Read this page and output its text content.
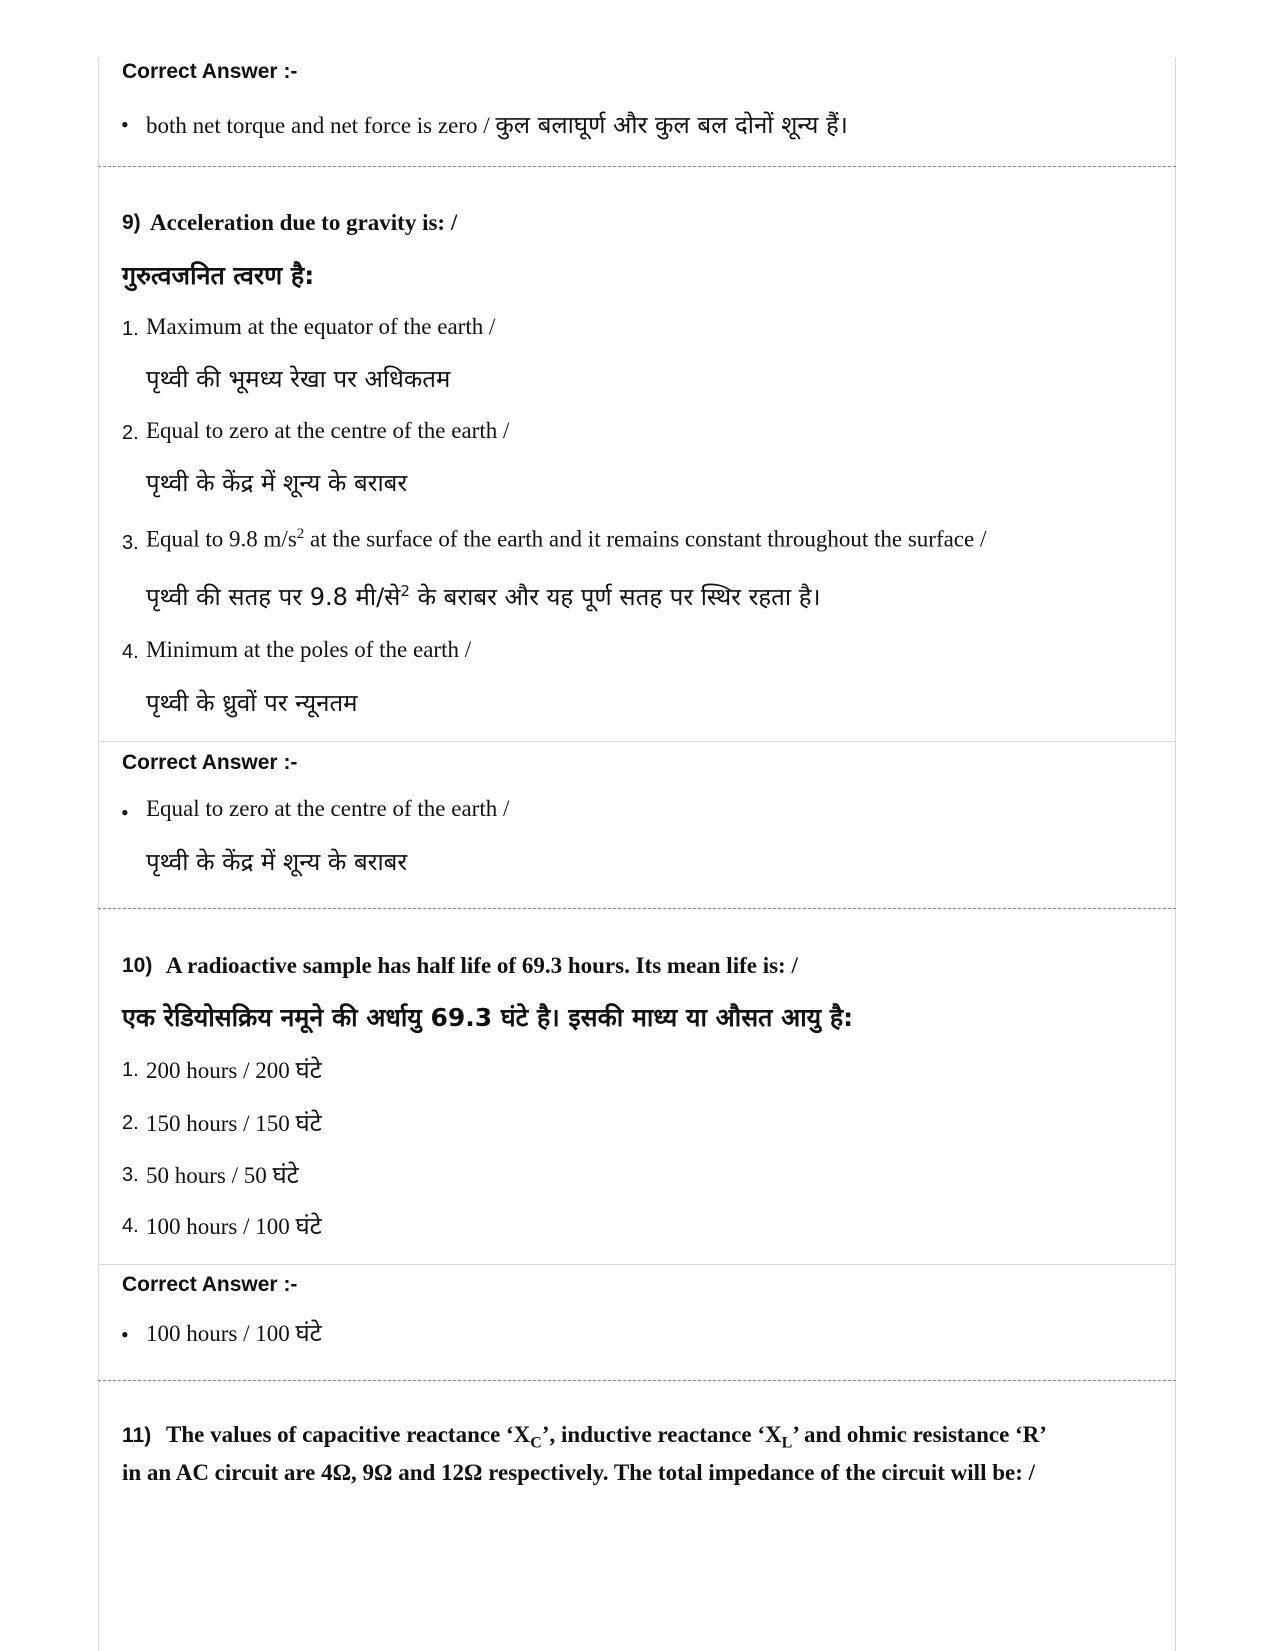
Correct Answer :-
• both net torque and net force is zero / कुल बलाघूर्ण और कुल बल दोनों शून्य हैं।
9) Acceleration due to gravity is: /
गुरुत्वजनित त्वरण है:
1. Maximum at the equator of the earth /
पृथ्वी की भूमध्य रेखा पर अधिकतम
2. Equal to zero at the centre of the earth /
पृथ्वी के केंद्र में शून्य के बराबर
3. Equal to 9.8 $m/s^2$ at the surface of the earth and it remains constant throughout the surface /
पृथ्वी की सतह पर 9.8 मी/से$^2$ के बराबर और यह पूर्ण सतह पर स्थिर रहता है।
4. Minimum at the poles of the earth /
पृथ्वी के ध्रुवों पर न्यूनतम
Correct Answer :-
• Equal to zero at the centre of the earth /
पृथ्वी के केंद्र में शून्य के बराबर
10) A radioactive sample has half life of 69.3 hours. Its mean life is: /
एक रेडियोसक्रिय नमूने की अर्धायु 69.3 घंटे है। इसकी माध्य या औसत आयु है:
1. 200 hours / 200 घंटे
2. 150 hours / 150 घंटे
3. 50 hours / 50 घंटे
4. 100 hours / 100 घंटे
Correct Answer :-
• 100 hours / 100 घंटे
11) The values of capacitive reactance ‘$X_C$’, inductive reactance ‘$X_L$’ and ohmic resistance ‘R’
in an AC circuit are 4Ω, 9Ω and 12Ω respectively. The total impedance of the circuit will be: /
